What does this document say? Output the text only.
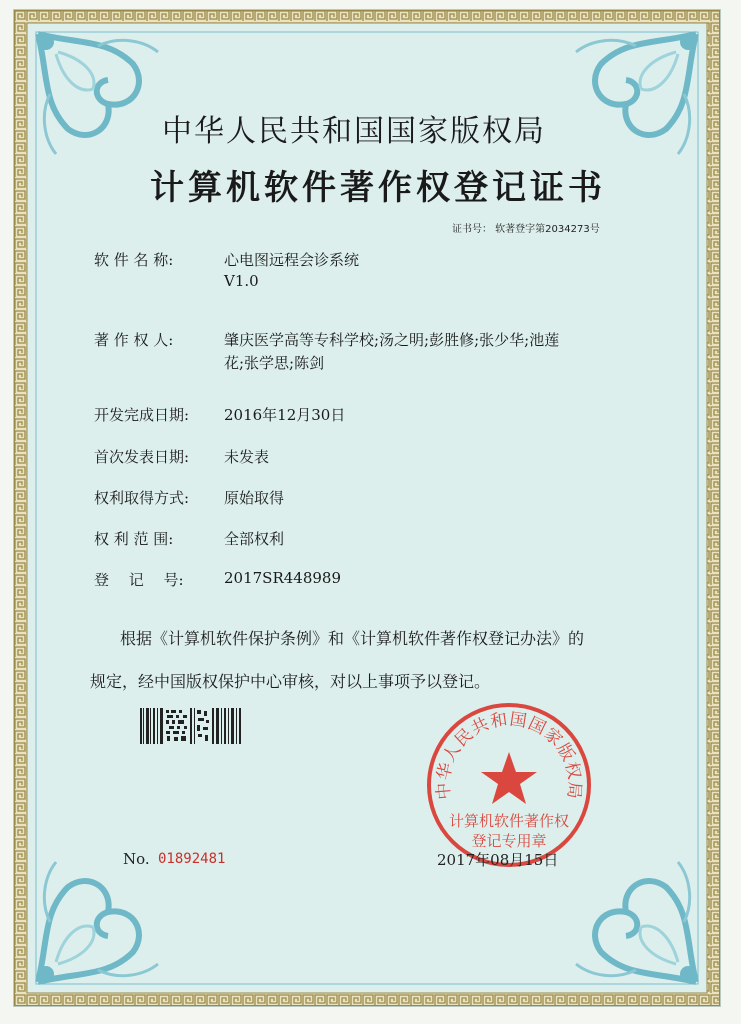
中华人民共和国国家版权局
计算机软件著作权登记证书
证书号： 软著登字第2034273号
软 件 名 称:	心电图远程会诊系统
V1.0
著 作 权 人:	肇庆医学高等专科学校;汤之明;彭胜修;张少华;池莲
花;张学思;陈剑
开发完成日期: 2016年12月30日
首次发表日期: 未发表
权利取得方式: 原始取得
权 利 范 围:	全部权利
登　 记　 号:	2017SR448989
根据《计算机软件保护条例》和《计算机软件著作权登记办法》的
规定，经中国版权保护中心审核，对以上事项予以登记。
中华人民共和国国家版权局
计算机软件著作权
登记专用章
No. 01892481	2017年08月15日
